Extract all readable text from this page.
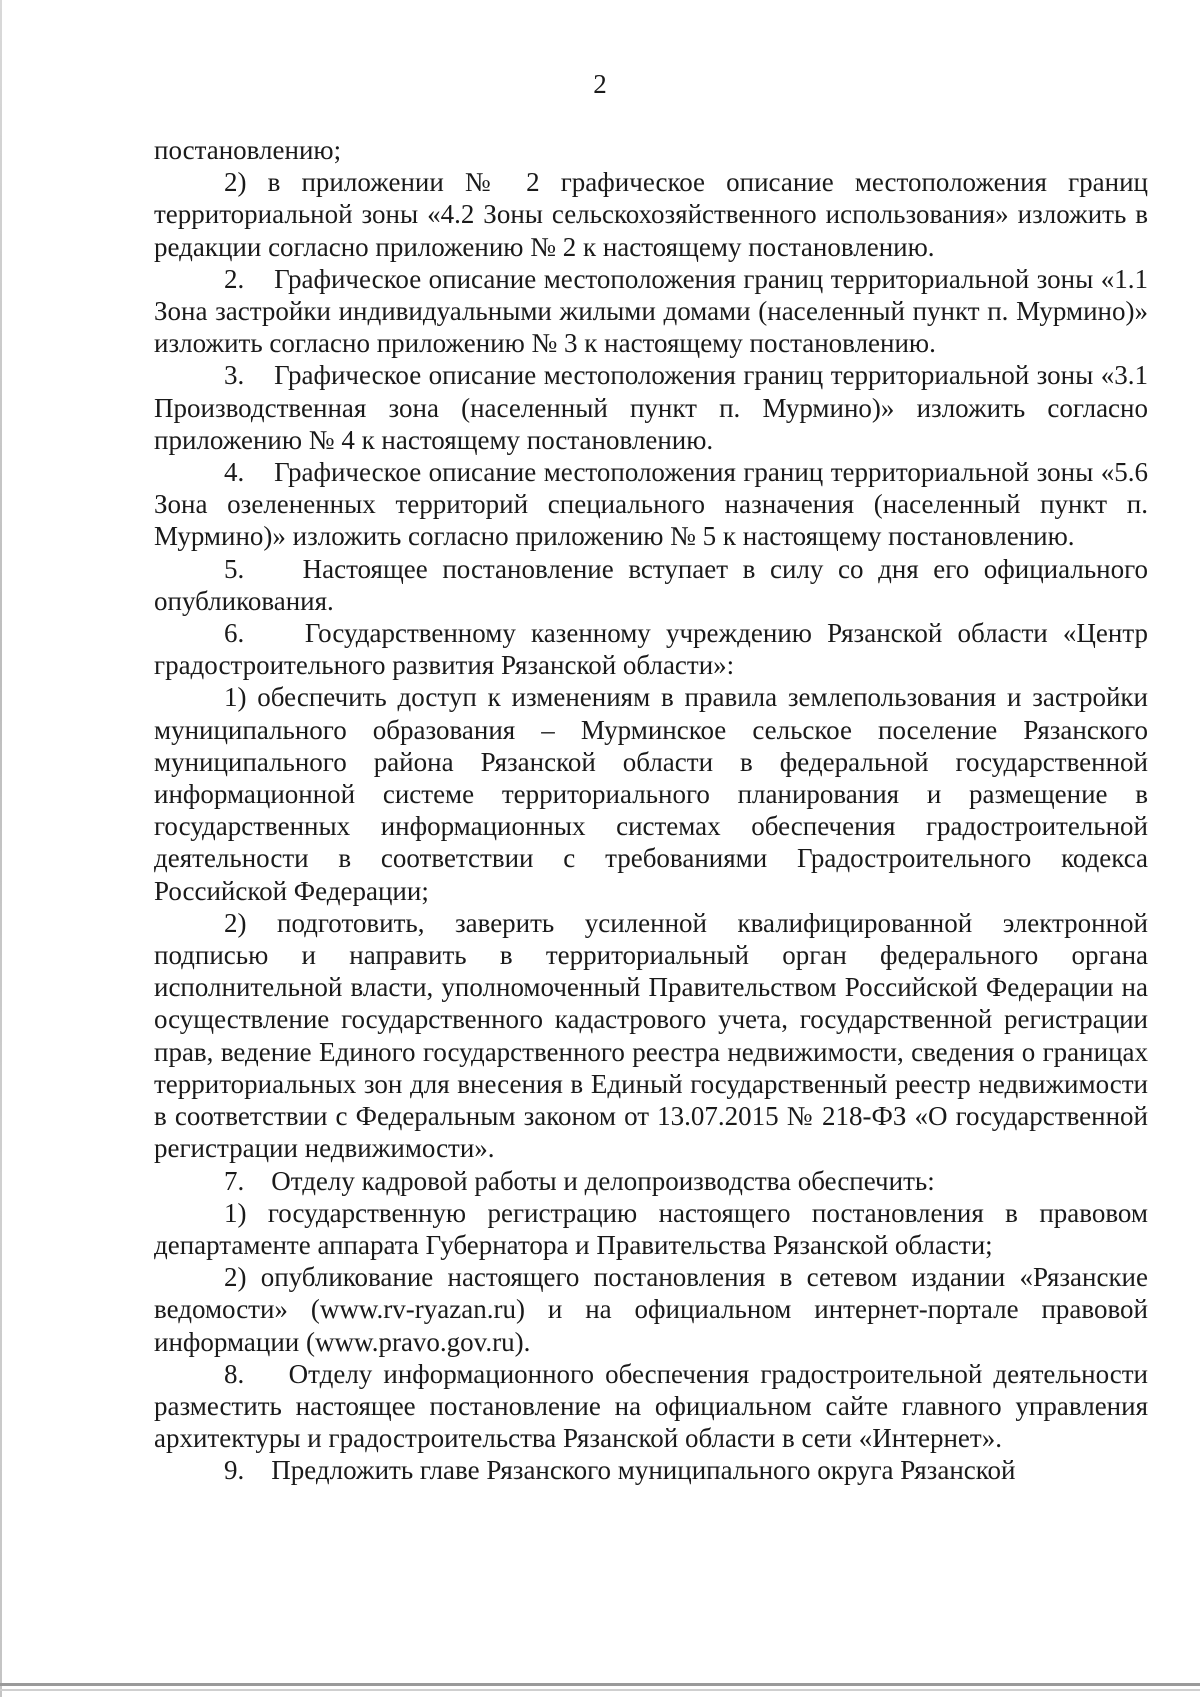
2

постановлению;

2) в приложении № 2 графическое описание местоположения границ территориальной зоны «4.2 Зоны сельскохозяйственного использования» изложить в редакции согласно приложению № 2 к настоящему постановлению.

2.    Графическое описание местоположения границ территориальной зоны «1.1 Зона застройки индивидуальными жилыми домами (населенный пункт п. Мурмино)» изложить согласно приложению № 3 к настоящему постановлению.

3.    Графическое описание местоположения границ территориальной зоны «3.1 Производственная зона (населенный пункт п. Мурмино)» изложить согласно приложению № 4 к настоящему постановлению.

4.    Графическое описание местоположения границ территориальной зоны «5.6 Зона озелененных территорий специального назначения (населенный пункт п. Мурмино)» изложить согласно приложению № 5 к настоящему постановлению.

5.    Настоящее постановление вступает в силу со дня его официального опубликования.

6.    Государственному казенному учреждению Рязанской области «Центр градостроительного развития Рязанской области»:

1) обеспечить доступ к изменениям в правила землепользования и застройки муниципального образования – Мурминское сельское поселение Рязанского муниципального района Рязанской области в федеральной государственной информационной системе территориального планирования и размещение в государственных информационных системах обеспечения градостроительной деятельности в соответствии с требованиями Градостроительного кодекса Российской Федерации;

2) подготовить, заверить усиленной квалифицированной электронной подписью и направить в территориальный орган федерального органа исполнительной власти, уполномоченный Правительством Российской Федерации на осуществление государственного кадастрового учета, государственной регистрации прав, ведение Единого государственного реестра недвижимости, сведения о границах территориальных зон для внесения в Единый государственный реестр недвижимости в соответствии с Федеральным законом от 13.07.2015 № 218-ФЗ «О государственной регистрации недвижимости».

7.    Отделу кадровой работы и делопроизводства обеспечить:

1) государственную регистрацию настоящего постановления в правовом департаменте аппарата Губернатора и Правительства Рязанской области;

2) опубликование настоящего постановления в сетевом издании «Рязанские ведомости» (www.rv-ryazan.ru) и на официальном интернет-портале правовой информации (www.pravo.gov.ru).

8.    Отделу информационного обеспечения градостроительной деятельности разместить настоящее постановление на официальном сайте главного управления архитектуры и градостроительства Рязанской области в сети «Интернет».

9.    Предложить главе Рязанского муниципального округа Рязанской
